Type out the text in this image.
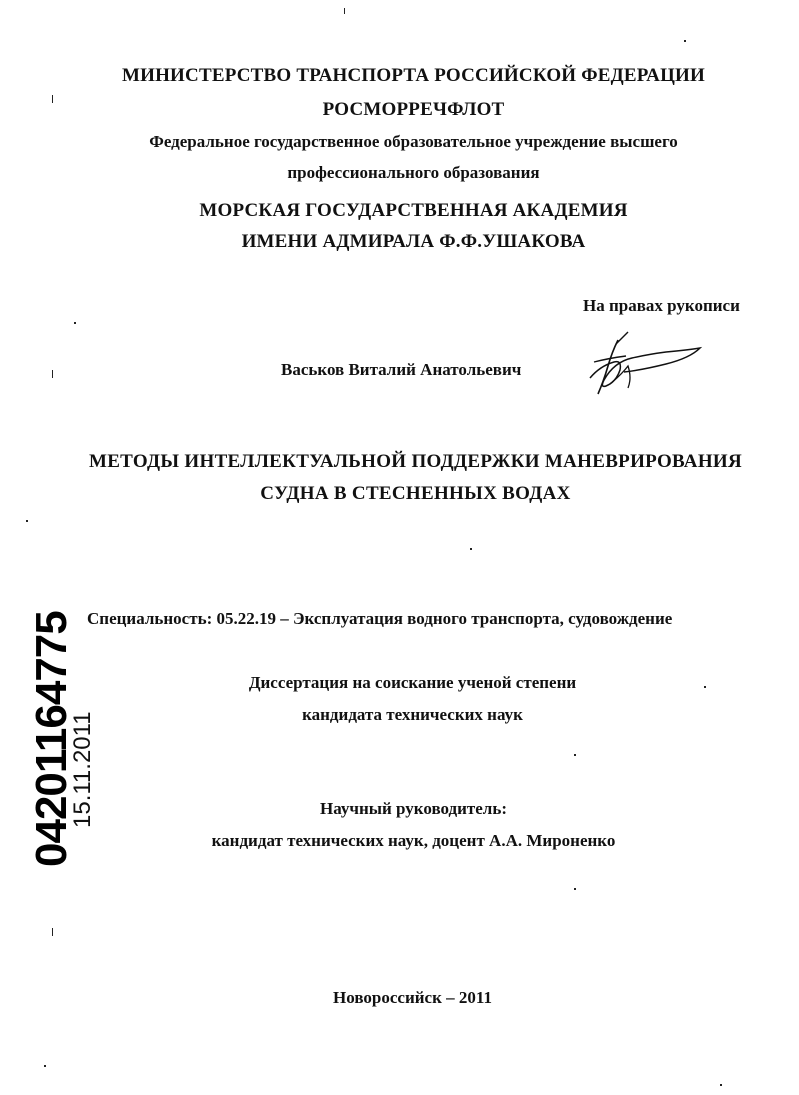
МИНИСТЕРСТВО ТРАНСПОРТА РОССИЙСКОЙ ФЕДЕРАЦИИ
РОСМОРРЕЧФЛОТ
Федеральное государственное образовательное учреждение высшего
профессионального образования
МОРСКАЯ ГОСУДАРСТВЕННАЯ АКАДЕМИЯ
ИМЕНИ АДМИРАЛА Ф.Ф.УШАКОВА
На правах рукописи
Васьков Виталий Анатольевич
МЕТОДЫ ИНТЕЛЛЕКТУАЛЬНОЙ ПОДДЕРЖКИ МАНЕВРИРОВАНИЯ
СУДНА В СТЕСНЕННЫХ ВОДАХ
Специальность: 05.22.19 – Эксплуатация водного транспорта, судовождение
Диссертация на соискание ученой степени
кандидата технических наук
Научный руководитель:
кандидат технических наук, доцент А.А. Мироненко
Новороссийск – 2011
04201164775
15.11.2011
